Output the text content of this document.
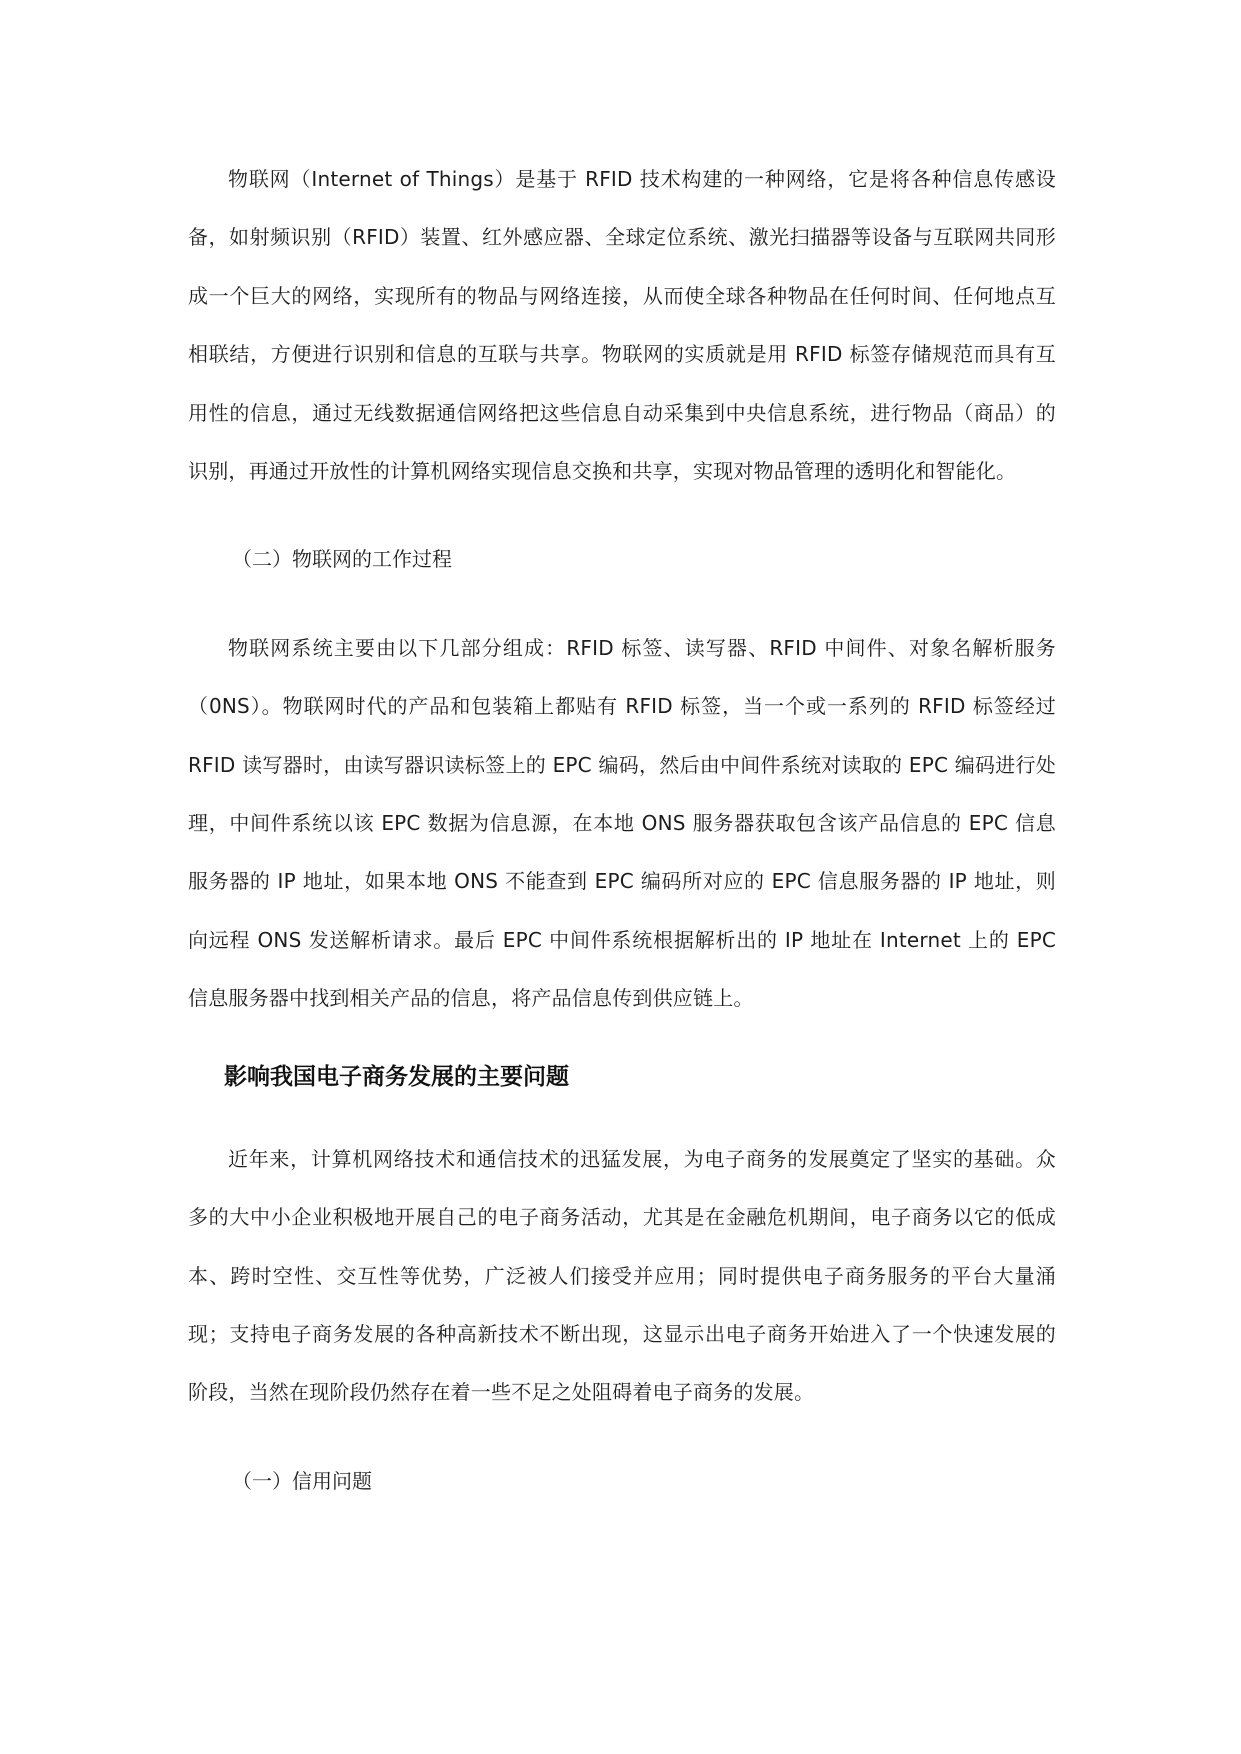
物联网（Internet of Things）是基于 RFID 技术构建的一种网络，它是将各种信息传感设备，如射频识别（RFID）装置、红外感应器、全球定位系统、激光扫描器等设备与互联网共同形成一个巨大的网络，实现所有的物品与网络连接，从而使全球各种物品在任何时间、任何地点互相联结，方便进行识别和信息的互联与共享。物联网的实质就是用 RFID 标签存储规范而具有互用性的信息，通过无线数据通信网络把这些信息自动采集到中央信息系统，进行物品（商品）的识别，再通过开放性的计算机网络实现信息交换和共享，实现对物品管理的透明化和智能化。

（二）物联网的工作过程

物联网系统主要由以下几部分组成：RFID 标签、读写器、RFID 中间件、对象名解析服务（0NS）。物联网时代的产品和包装箱上都贴有 RFID 标签，当一个或一系列的 RFID 标签经过 RFID 读写器时，由读写器识读标签上的 EPC 编码，然后由中间件系统对读取的 EPC 编码进行处理，中间件系统以该 EPC 数据为信息源，在本地 ONS 服务器获取包含该产品信息的 EPC 信息服务器的 IP 地址，如果本地 ONS 不能查到 EPC 编码所对应的 EPC 信息服务器的 IP 地址，则向远程 ONS 发送解析请求。最后 EPC 中间件系统根据解析出的 IP 地址在 Internet 上的 EPC 信息服务器中找到相关产品的信息，将产品信息传到供应链上。

影响我国电子商务发展的主要问题

近年来，计算机网络技术和通信技术的迅猛发展，为电子商务的发展奠定了坚实的基础。众多的大中小企业积极地开展自己的电子商务活动，尤其是在金融危机期间，电子商务以它的低成本、跨时空性、交互性等优势，广泛被人们接受并应用；同时提供电子商务服务的平台大量涌现；支持电子商务发展的各种高新技术不断出现，这显示出电子商务开始进入了一个快速发展的阶段，当然在现阶段仍然存在着一些不足之处阻碍着电子商务的发展。

（一）信用问题
